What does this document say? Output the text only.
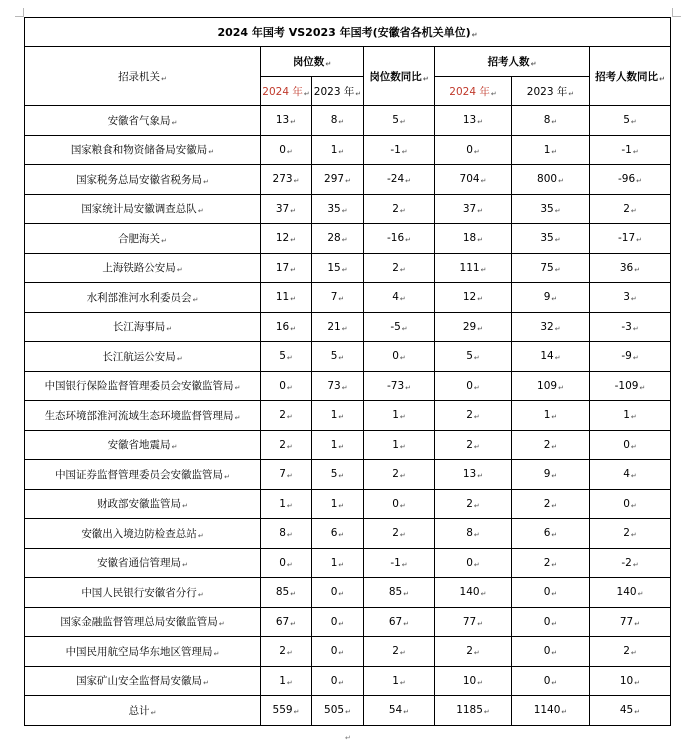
2024 年国考 VS2023 年国考(安徽省各机关单位)↵						
招录机关↵	岗位数↵		岗位数同比↵	招考人数↵		招考人数同比↵
	2024 年↵	2023 年↵		2024 年↵	2023 年↵	
安徽省气象局↵	13↵	8↵	5↵	13↵	8↵	5↵
国家粮食和物资储备局安徽局↵	0↵	1↵	-1↵	0↵	1↵	-1↵
国家税务总局安徽省税务局↵	273↵	297↵	-24↵	704↵	800↵	-96↵
国家统计局安徽调查总队↵	37↵	35↵	2↵	37↵	35↵	2↵
合肥海关↵	12↵	28↵	-16↵	18↵	35↵	-17↵
上海铁路公安局↵	17↵	15↵	2↵	111↵	75↵	36↵
水利部淮河水利委员会↵	11↵	7↵	4↵	12↵	9↵	3↵
长江海事局↵	16↵	21↵	-5↵	29↵	32↵	-3↵
长江航运公安局↵	5↵	5↵	0↵	5↵	14↵	-9↵
中国银行保险监督管理委员会安徽监管局↵	0↵	73↵	-73↵	0↵	109↵	-109↵
生态环境部淮河流域生态环境监督管理局↵	2↵	1↵	1↵	2↵	1↵	1↵
安徽省地震局↵	2↵	1↵	1↵	2↵	2↵	0↵
中国证券监督管理委员会安徽监管局↵	7↵	5↵	2↵	13↵	9↵	4↵
财政部安徽监管局↵	1↵	1↵	0↵	2↵	2↵	0↵
安徽出入境边防检查总站↵	8↵	6↵	2↵	8↵	6↵	2↵
安徽省通信管理局↵	0↵	1↵	-1↵	0↵	2↵	-2↵
中国人民银行安徽省分行↵	85↵	0↵	85↵	140↵	0↵	140↵
国家金融监督管理总局安徽监管局↵	67↵	0↵	67↵	77↵	0↵	77↵
中国民用航空局华东地区管理局↵	2↵	0↵	2↵	2↵	0↵	2↵
国家矿山安全监督局安徽局↵	1↵	0↵	1↵	10↵	0↵	10↵
总计↵	559↵	505↵	54↵	1185↵	1140↵	45↵
↵
